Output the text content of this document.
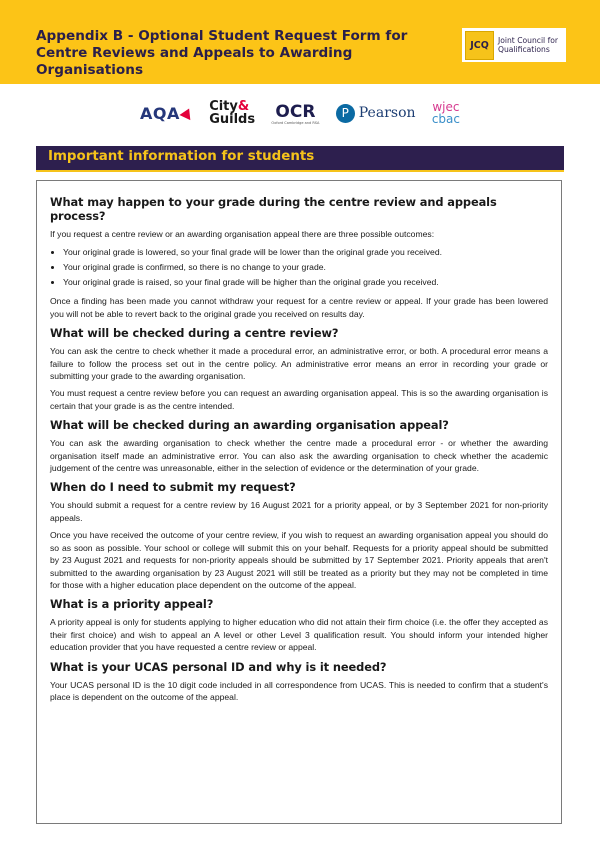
Appendix B - Optional Student Request Form for
Centre Reviews and Appeals to Awarding Organisations
JCQ	Joint Council for
Qualifications
AQA City&
Guilds OCR
Oxford Cambridge and RSA
P Pearson wjec
cbac
Important information for students
What may happen to your grade during the centre review and appeals process?

If you request a centre review or an awarding organisation appeal there are three possible outcomes:

• Your original grade is lowered, so your final grade will be lower than the original grade you received.
• Your original grade is confirmed, so there is no change to your grade.
• Your original grade is raised, so your final grade will be higher than the original grade you received.

Once a finding has been made you cannot withdraw your request for a centre review or appeal. If your grade has been lowered you will not be able to revert back to the original grade you received on results day.

What will be checked during a centre review?

You can ask the centre to check whether it made a procedural error, an administrative error, or both. A procedural error means a failure to follow the process set out in the centre policy. An administrative error means an error in recording your grade or submitting your grade to the awarding organisation.

You must request a centre review before you can request an awarding organisation appeal. This is so the awarding organisation is certain that your grade is as the centre intended.

What will be checked during an awarding organisation appeal?

You can ask the awarding organisation to check whether the centre made a procedural error - or whether the awarding organisation itself made an administrative error. You can also ask the awarding organisation to check whether the academic judgement of the centre was unreasonable, either in the selection of evidence or the determination of your grade.

When do I need to submit my request?

You should submit a request for a centre review by 16 August 2021 for a priority appeal, or by 3 September 2021 for non-priority appeals.

Once you have received the outcome of your centre review, if you wish to request an awarding organisation appeal you should do so as soon as possible. Your school or college will submit this on your behalf. Requests for a priority appeal should be submitted by 23 August 2021 and requests for non-priority appeals should be submitted by 17 September 2021. Priority appeals that aren't submitted to the awarding organisation by 23 August 2021 will still be treated as a priority but they may not be completed in time for those with a higher education place dependent on the outcome of the appeal.

What is a priority appeal?

A priority appeal is only for students applying to higher education who did not attain their firm choice (i.e. the offer they accepted as their first choice) and wish to appeal an A level or other Level 3 qualification result. You should inform your intended higher education provider that you have requested a centre review or appeal.

What is your UCAS personal ID and why is it needed?

Your UCAS personal ID is the 10 digit code included in all correspondence from UCAS. This is needed to confirm that a student's place is dependent on the outcome of the appeal.
